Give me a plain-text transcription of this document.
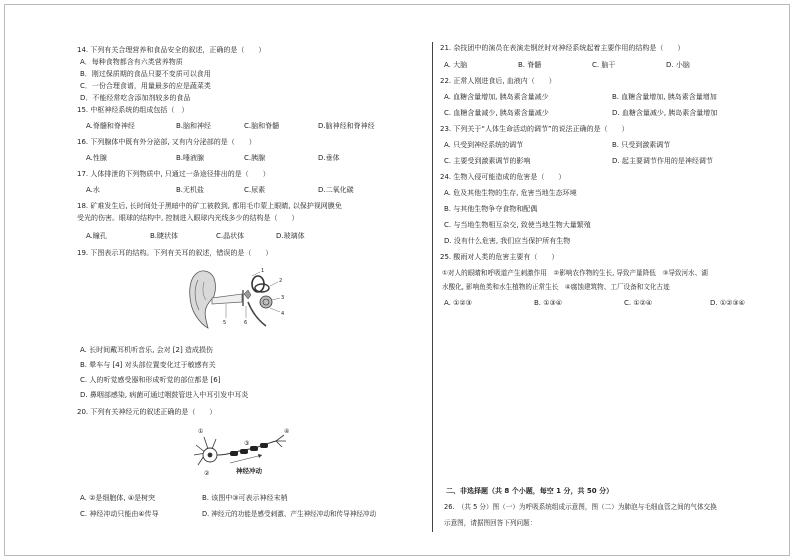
14. 下列有关合理营养和食品安全的叙述，正确的是（　　）
A．每种食物都含有六类营养物质
B．刚过保质期的食品只要不变质可以食用
C．一份合理食谱，用量最多的应是蔬菜类
D．不能经常吃含添加剂较多的食品
15. 中枢神经系统的组成包括（　）
A.脊髓和脊神经	B.脑和神经	C.脑和脊髓	D.脑神经和脊神经
16. 下列腺体中既有外分泌部, 又有内分泌部的是（　　）
A.性腺	B.唾液腺	C.胰腺	D.垂体
17. 人体排泄的下列物质中, 只通过一条途径排出的是（　　）
A.水	B.无机盐	C.尿素	D.二氧化碳
18. 矿难发生后, 长时间处于黑暗中的矿工被救到, 都用毛巾蒙上眼睛, 以保护视网膜免
受光的伤害。眼球的结构中, 控制进入眼球内光线多少的结构是（　　）
A.瞳孔	B.睫状体	C.晶状体	D.玻璃体
19. 下图表示耳的结构。下列有关耳的叙述，错误的是（　　）
1
2
3
4
5	6
A. 长时间戴耳机听音乐, 会对 [2] 造成损伤
B. 晕车与 [4] 对头部位置变化过于敏感有关
C. 人的听觉感受器和形成听觉的部位都是 [6]
D. 鼻咽部感染, 病菌可通过咽鼓管进入中耳引发中耳炎
20. 下列有关神经元的叙述正确的是（　　）
①
②
③
④
神经冲动
A. ②是细胞体, ④是树突	B. 该图中③可表示神经末梢
C. 神经冲动只能由④传导	D. 神经元的功能是感受刺激、产生神经冲动和传导神经冲动
21. 杂技团中的演员在表演走钢丝时对神经系统起着主要作用的结构是（　　）
A. 大脑	B. 脊髓	C. 脑干	D. 小脑
22. 正常人刚进食后, 血液内（　　）
A. 血糖含量增加, 胰岛素含量减少	B. 血糖含量增加, 胰岛素含量增加
C. 血糖含量减少, 胰岛素含量减少	D. 血糖含量减少, 胰岛素含量增加
23. 下列关于“人体生命活动的调节”的说法正确的是（　　）
A. 只受到神经系统的调节	B. 只受到激素调节
C. 主要受到激素调节的影响	D. 起主要调节作用的是神经调节
24. 生物入侵可能造成的危害是（　　）
A. 危及其他生物的生存, 危害当地生态环境
B. 与其他生物争夺食物和配偶
C. 与当地生物相互杂交, 致使当地生物大量繁殖
D. 没有什么危害, 我们应当保护所有生物
25. 酸雨对人类的危害主要有（　　）
①对人的眼睛和呼吸道产生刺激作用　②影响农作物的生长, 导致产量降低　③导致河水、湖
水酸化, 影响鱼类和水生植物的正常生长　④腐蚀建筑物、工厂设备和文化古迹
A. ①②③	B. ①③④	C. ①②④	D. ①②③④
二、非选择题（共 8 个小题，每空 1 分，共 50 分）
26.　（共 5 分）图（一）为呼吸系统组成示意图，图（二）为肺泡与毛细血管之间的气体交换
示意图，请据图回答下列问题：
